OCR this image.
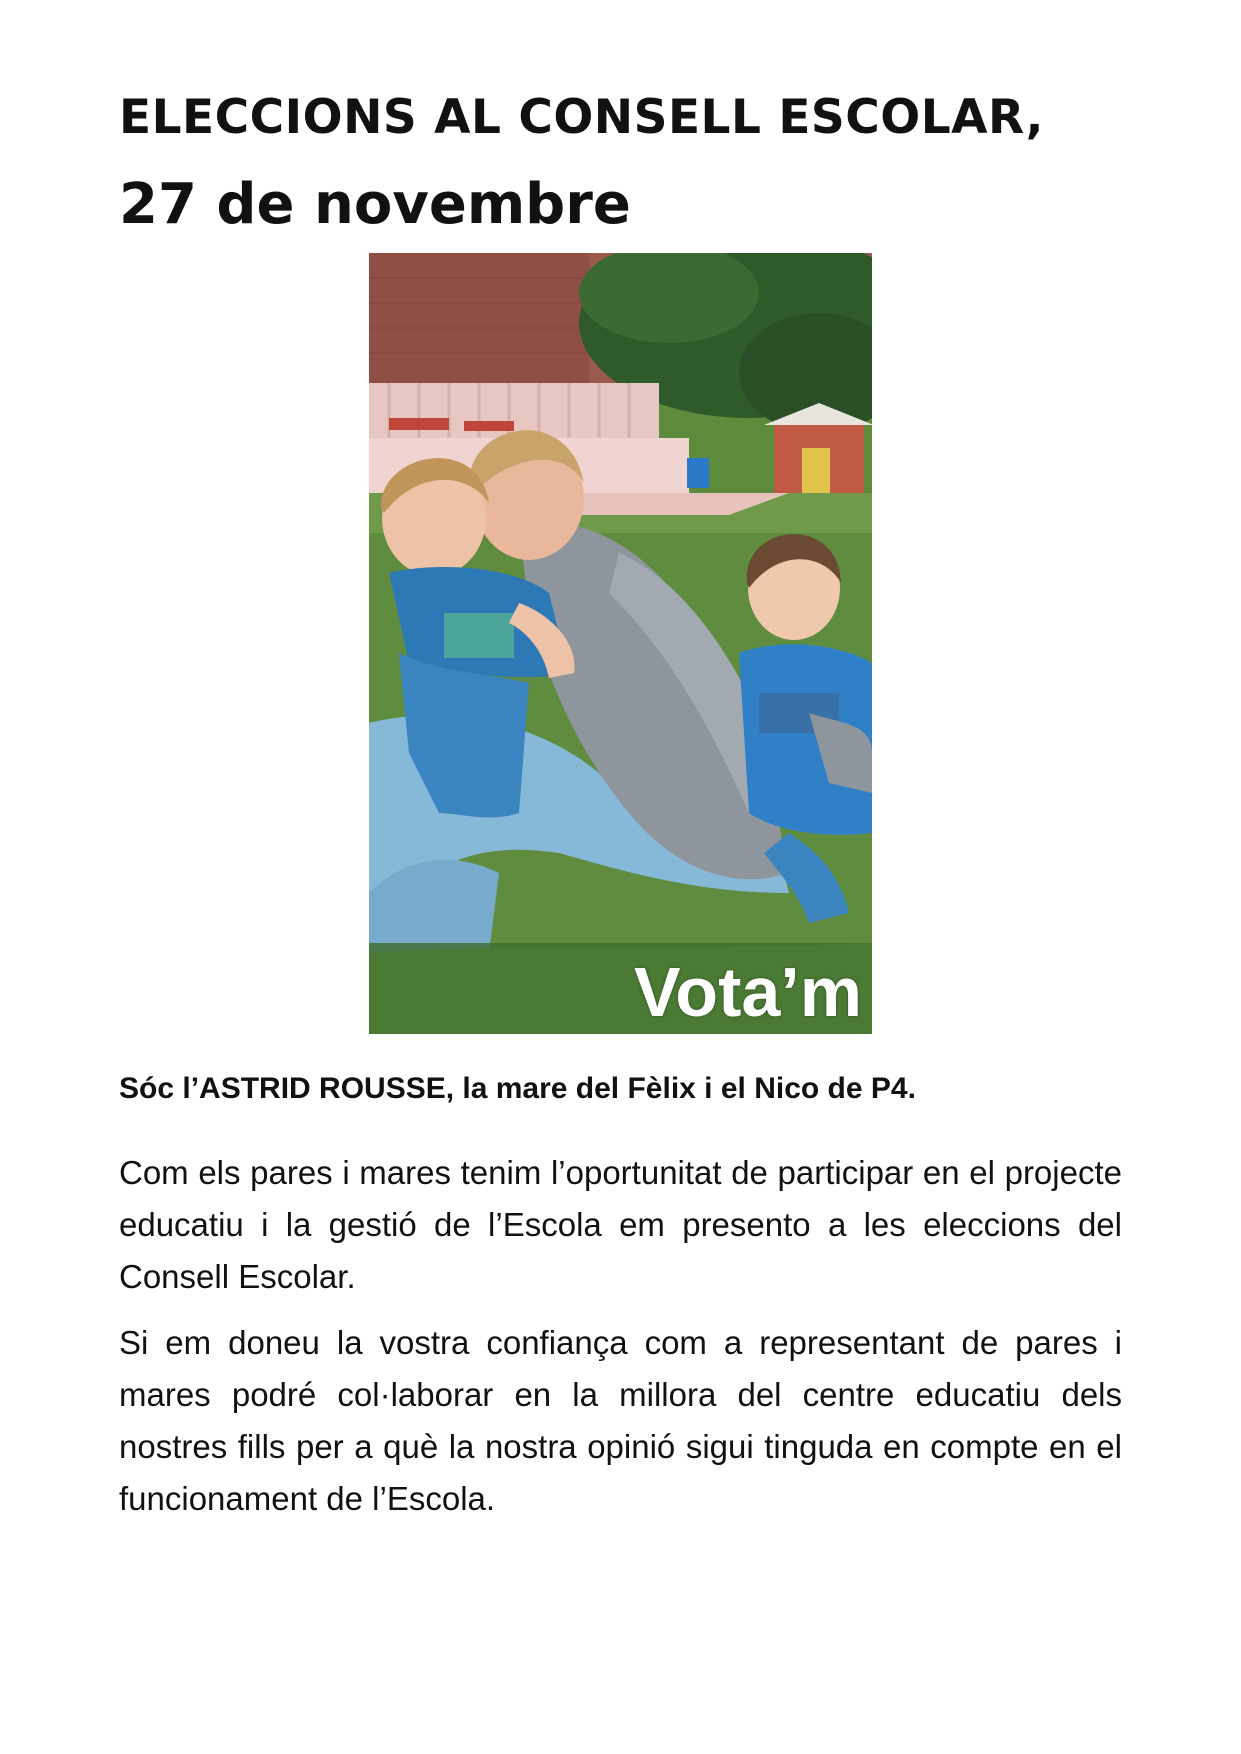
ELECCIONS AL CONSELL ESCOLAR,
27 de novembre
Vota’m
Sóc l’ASTRID ROUSSE, la mare del Fèlix i el Nico de P4.

Com els pares i mares tenim l’oportunitat de participar en el projecte educatiu i la gestió de l’Escola em presento a les eleccions del Consell Escolar.

Si em doneu la vostra confiança com a representant de pares i mares podré col·laborar en la millora del centre educatiu dels nostres fills per a què la nostra opinió sigui tinguda en compte en el funcionament de l’Escola.
